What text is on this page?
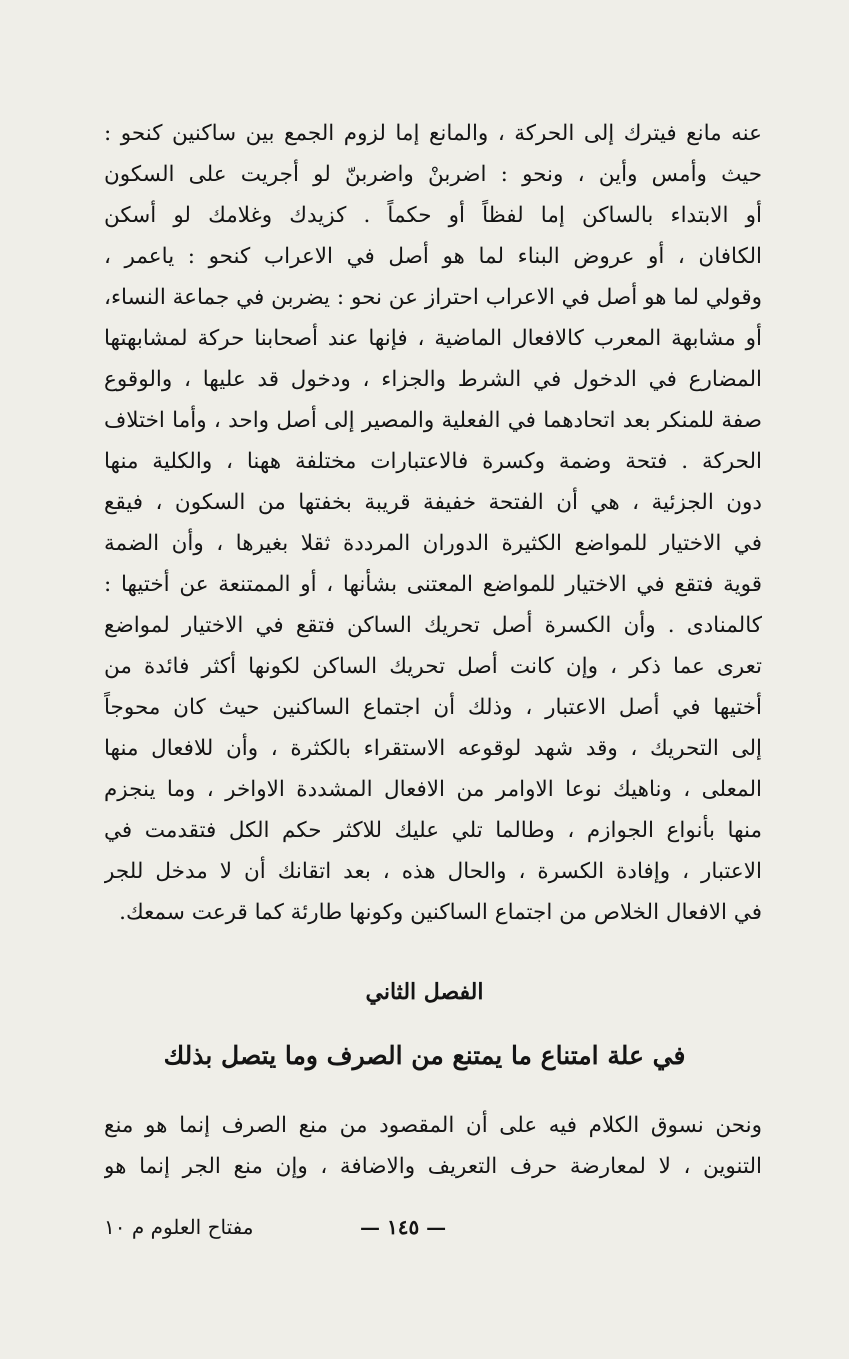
عنه مانع فيترك إلى الحركة ، والمانع إما لزوم الجمع بين ساكنين كنحو :
حيث وأمس وأين ، ونحو : اضربنْ واضربنّ لو أجريت على السكون
أو الابتداء بالساكن إما لفظاً أو حكماً . كزيدك وغلامك لو أسكن
الكافان ، أو عروض البناء لما هو أصل في الاعراب كنحو : ياعمر ،
وقولي لما هو أصل في الاعراب احتراز عن نحو : يضربن في جماعة النساء،
أو مشابهة المعرب كالافعال الماضية ، فإنها عند أصحابنا حركة لمشابهتها
المضارع في الدخول في الشرط والجزاء ، ودخول قد عليها ، والوقوع
صفة للمنكر بعد اتحادهما في الفعلية والمصير إلى أصل واحد ، وأما اختلاف
الحركة . فتحة وضمة وكسرة فالاعتبارات مختلفة ههنا ، والكلية منها
دون الجزئية ، هي أن الفتحة خفيفة قريبة بخفتها من السكون ، فيقع
في الاختيار للمواضع الكثيرة الدوران المرددة ثقلا بغيرها ، وأن الضمة
قوية فتقع في الاختيار للمواضع المعتنى بشأنها ، أو الممتنعة عن أختيها :
كالمنادى . وأن الكسرة أصل تحريك الساكن فتقع في الاختيار لمواضع
تعرى عما ذكر ، وإن كانت أصل تحريك الساكن لكونها أكثر فائدة من
أختيها في أصل الاعتبار ، وذلك أن اجتماع الساكنين حيث كان محوجاً
إلى التحريك ، وقد شهد لوقوعه الاستقراء بالكثرة ، وأن للافعال منها
المعلى ، وناهيك نوعا الاوامر من الافعال المشددة الاواخر ، وما ينجزم
منها بأنواع الجوازم ، وطالما تلي عليك للاكثر حكم الكل فتقدمت في
الاعتبار ، وإفادة الكسرة ، والحال هذه ، بعد اتقانك أن لا مدخل للجر
في الافعال الخلاص من اجتماع الساكنين وكونها طارئة كما قرعت سمعك.
الفصل الثاني
في علة امتناع ما يمتنع من الصرف وما يتصل بذلك
ونحن نسوق الكلام فيه على أن المقصود من منع الصرف إنما هو منع
التنوين ، لا لمعارضة حرف التعريف والاضافة ، وإن منع الجر إنما هو
— ١٤٥ —
مفتاح العلوم م ١٠
